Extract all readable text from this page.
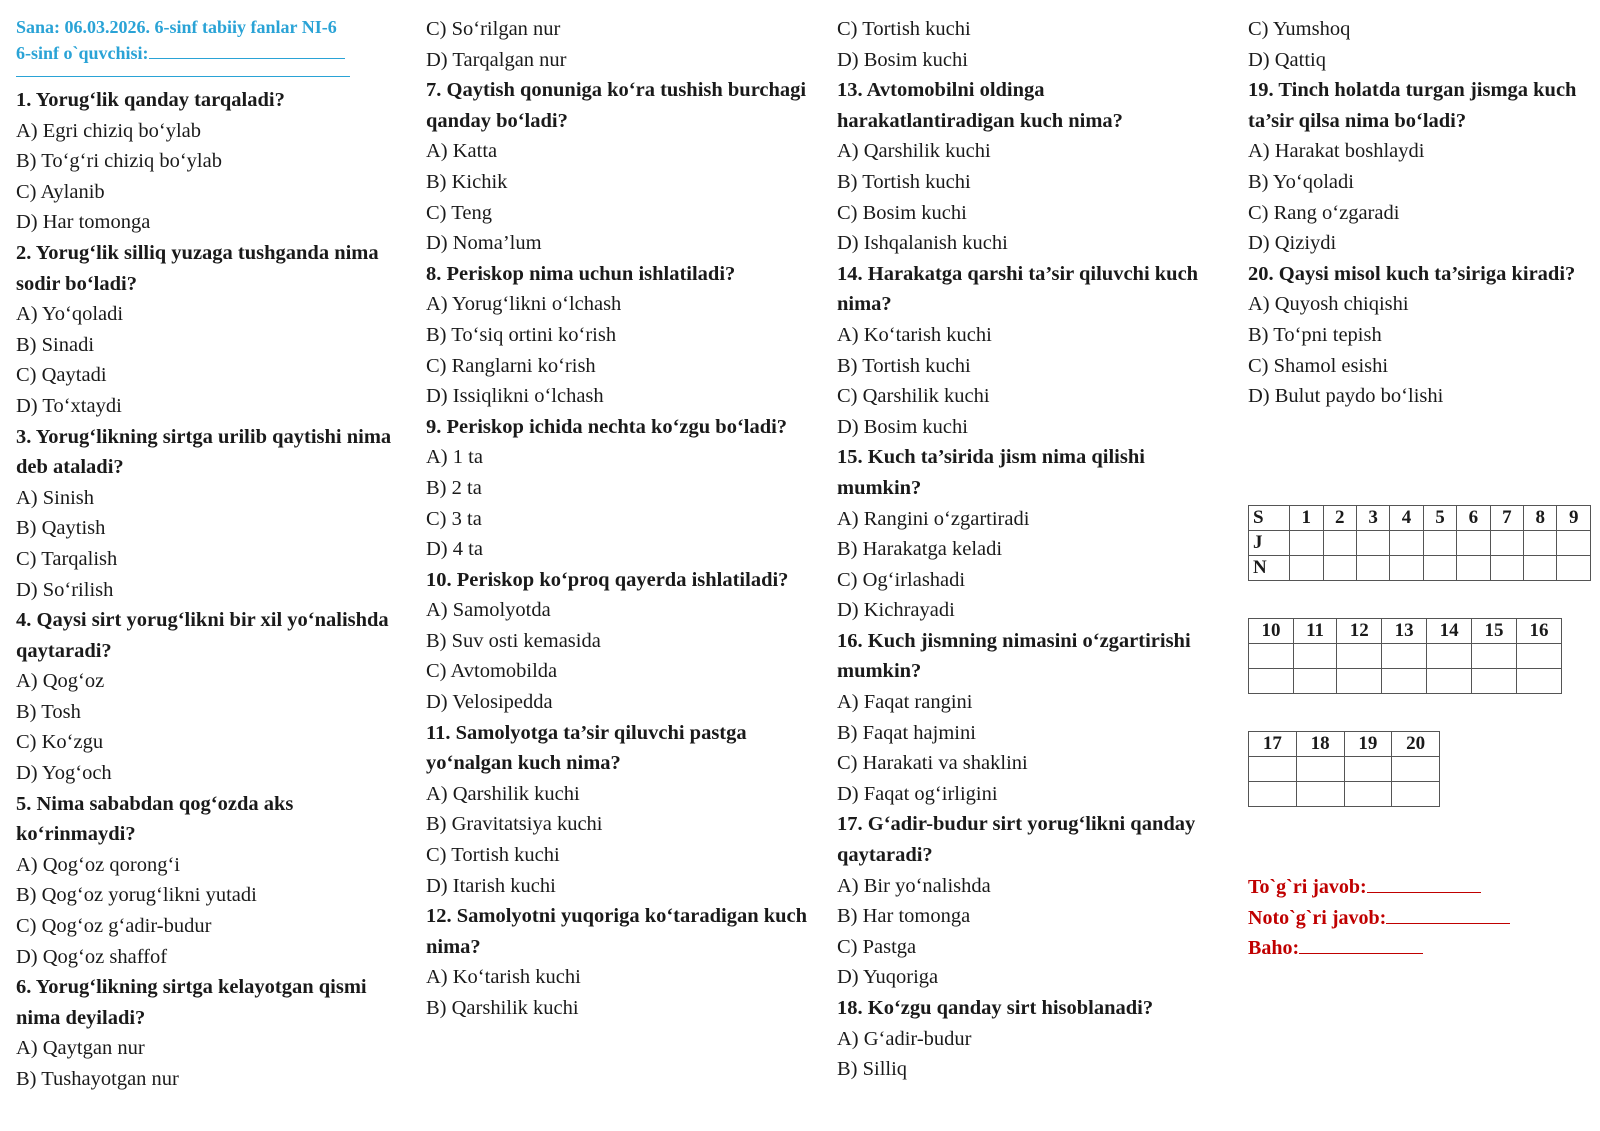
Sana: 06.03.2026. 6-sinf tabiiy fanlar NI-6
6-sinf o`quvchisi:
1. Yorug‘lik qanday tarqaladi?
A) Egri chiziq bo‘ylab
B) To‘g‘ri chiziq bo‘ylab
C) Aylanib
D) Har tomonga
2. Yorug‘lik silliq yuzaga tushganda nima sodir bo‘ladi?
A) Yo‘qoladi
B) Sinadi
C) Qaytadi
D) To‘xtaydi
3. Yorug‘likning sirtga urilib qaytishi nima deb ataladi?
A) Sinish
B) Qaytish
C) Tarqalish
D) So‘rilish
4. Qaysi sirt yorug‘likni bir xil yo‘nalishda qaytaradi?
A) Qog‘oz
B) Tosh
C) Ko‘zgu
D) Yog‘och
5. Nima sababdan qog‘ozda aks ko‘rinmaydi?
A) Qog‘oz qorong‘i
B) Qog‘oz yorug‘likni yutadi
C) Qog‘oz g‘adir-budur
D) Qog‘oz shaffof
6. Yorug‘likning sirtga kelayotgan qismi nima deyiladi?
A) Qaytgan nur
B) Tushayotgan nur
C) So‘rilgan nur
D) Tarqalgan nur
7. Qaytish qonuniga ko‘ra tushish burchagi qanday bo‘ladi?
A) Katta
B) Kichik
C) Teng
D) Noma’lum
8. Periskop nima uchun ishlatiladi?
A) Yorug‘likni o‘lchash
B) To‘siq ortini ko‘rish
C) Ranglarni ko‘rish
D) Issiqlikni o‘lchash
9. Periskop ichida nechta ko‘zgu bo‘ladi?
A) 1 ta
B) 2 ta
C) 3 ta
D) 4 ta
10. Periskop ko‘proq qayerda ishlatiladi?
A) Samolyotda
B) Suv osti kemasida
C) Avtomobilda
D) Velosipedda
11. Samolyotga ta’sir qiluvchi pastga yo‘nalgan kuch nima?
A) Qarshilik kuchi
B) Gravitatsiya kuchi
C) Tortish kuchi
D) Itarish kuchi
12. Samolyotni yuqoriga ko‘taradigan kuch nima?
A) Ko‘tarish kuchi
B) Qarshilik kuchi
C) Tortish kuchi
D) Bosim kuchi
13. Avtomobilni oldinga harakatlantiradigan kuch nima?
A) Qarshilik kuchi
B) Tortish kuchi
C) Bosim kuchi
D) Ishqalanish kuchi
14. Harakatga qarshi ta’sir qiluvchi kuch nima?
A) Ko‘tarish kuchi
B) Tortish kuchi
C) Qarshilik kuchi
D) Bosim kuchi
15. Kuch ta’sirida jism nima qilishi mumkin?
A) Rangini o‘zgartiradi
B) Harakatga keladi
C) Og‘irlashadi
D) Kichrayadi
16. Kuch jismning nimasini o‘zgartirishi mumkin?
A) Faqat rangini
B) Faqat hajmini
C) Harakati va shaklini
D) Faqat og‘irligini
17. G‘adir-budur sirt yorug‘likni qanday qaytaradi?
A) Bir yo‘nalishda
B) Har tomonga
C) Pastga
D) Yuqoriga
18. Ko‘zgu qanday sirt hisoblanadi?
A) G‘adir-budur
B) Silliq
C) Yumshoq
D) Qattiq
19. Tinch holatda turgan jismga kuch ta’sir qilsa nima bo‘ladi?
A) Harakat boshlaydi
B) Yo‘qoladi
C) Rang o‘zgaradi
D) Qiziydi
20. Qaysi misol kuch ta’siriga kiradi?
A) Quyosh chiqishi
B) To‘pni tepish
C) Shamol esishi
D) Bulut paydo bo‘lishi
S	1	2	3	4	5	6	7	8	9
J									
N									
10	11	12	13	14	15	16

17	18	19	20

To`g`ri javob:
Noto`g`ri javob:
Baho:
